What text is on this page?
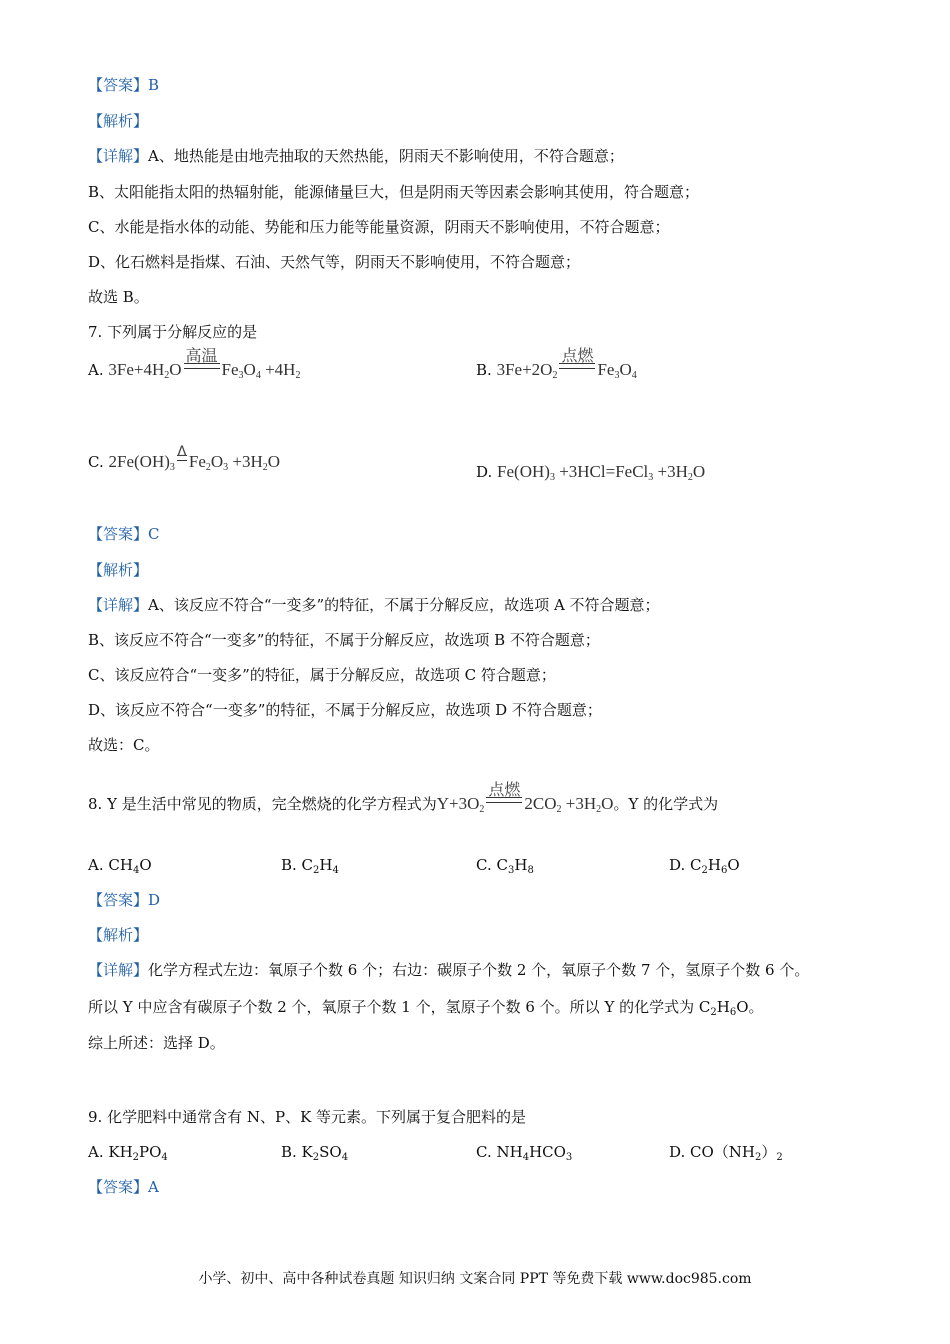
【答案】B
【解析】
【详解】A、地热能是由地壳抽取的天然热能，阴雨天不影响使用，不符合题意；
B、太阳能指太阳的热辐射能，能源储量巨大，但是阴雨天等因素会影响其使用，符合题意；
C、水能是指水体的动能、势能和压力能等能量资源，阴雨天不影响使用，不符合题意；
D、化石燃料是指煤、石油、天然气等，阴雨天不影响使用，不符合题意；
故选 B。
7. 下列属于分解反应的是
A. $3Fe+4H_2O$
高温
$Fe_3O_4 +4H_2$	B. $3Fe+2O_2$
点燃
$Fe_3O_4$
C. $2Fe(OH)_3$
Δ $Fe_2O_3 +3H_2O$
D. $Fe(OH)_3$ +3HCl=FeCl$_3$ $+3H_2O$
【答案】C
【解析】
【详解】A、该反应不符合“一变多”的特征，不属于分解反应，故选项 A 不符合题意；
B、该反应不符合“一变多”的特征，不属于分解反应，故选项 B 不符合题意；
C、该反应符合“一变多”的特征，属于分解反应，故选项 C 符合题意；
D、该反应不符合“一变多”的特征，不属于分解反应，故选项 D 不符合题意；
故选：C。
8. Y 是生活中常见的物质，完全燃烧的化学方程式为$Y+3O_2$
点燃
$2CO_2 +3H_2O$。Y 的化学式为
A. $CH_4O$	B. $C_2H_4$	C. $C_3H_8$	D. $C_2H_6O$
【答案】D
【解析】
【详解】化学方程式左边：氧原子个数 6 个；右边：碳原子个数 2 个，氧原子个数 7 个，氢原子个数 6 个。
所以 Y 中应含有碳原子个数 2 个，氧原子个数 1 个，氢原子个数 6 个。所以 Y 的化学式为 $C_2H_6O$。
综上所述：选择 D。
9. 化学肥料中通常含有 N、P、K 等元素。下列属于复合肥料的是
A. $KH_2PO_4$	B. $K_2SO_4$	C. $NH_4HCO_3$	D. $CO(NH_2)_2$
【答案】A
小学、初中、高中各种试卷真题 知识归纳 文案合同 PPT 等免费下载 www.doc985.com
